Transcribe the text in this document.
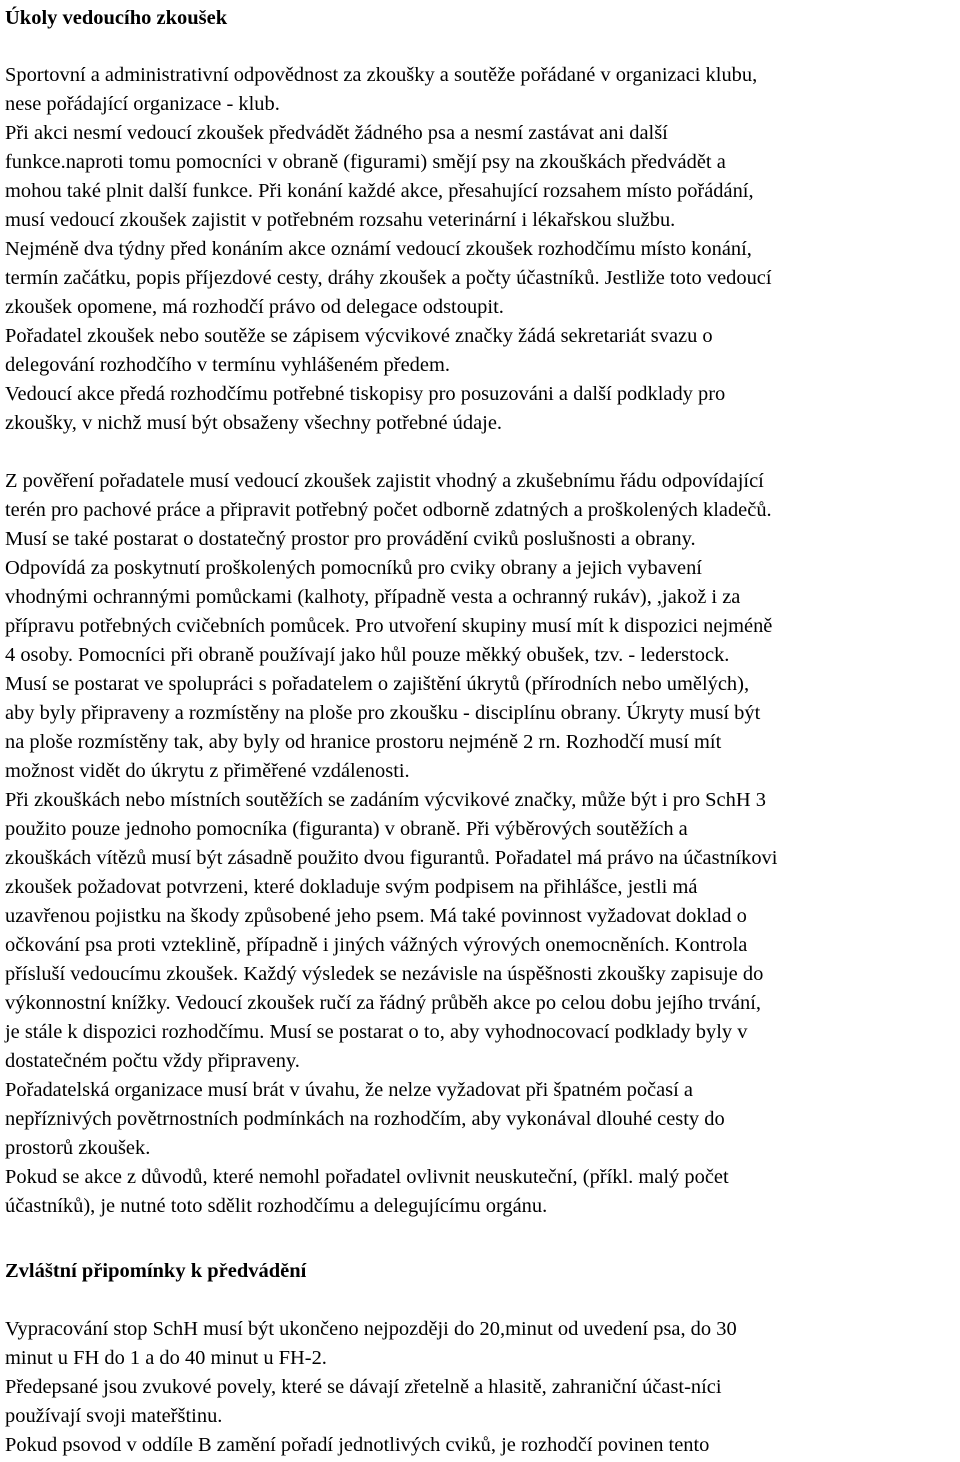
Úkoly vedoucího zkoušek

Sportovní a administrativní odpovědnost za zkoušky a soutěže pořádané v organizaci klubu,

nese pořádající organizace - klub.

Při akci nesmí vedoucí zkoušek předvádět žádného psa a nesmí zastávat ani další

funkce.naproti tomu pomocníci v obraně (figurami) smějí psy na zkouškách předvádět a

mohou také plnit další funkce. Při konání každé akce, přesahující rozsahem místo pořádání,

musí vedoucí zkoušek zajistit v potřebném rozsahu veterinární i lékařskou službu.

Nejméně dva týdny před konáním akce oznámí vedoucí zkoušek rozhodčímu místo konání,

termín začátku, popis příjezdové cesty, dráhy zkoušek a počty účastníků. Jestliže toto vedoucí

zkoušek opomene, má rozhodčí právo od delegace odstoupit.

Pořadatel zkoušek nebo soutěže se zápisem výcvikové značky žádá sekretariát svazu o

delegování rozhodčího v termínu vyhlášeném předem.

Vedoucí akce předá rozhodčímu potřebné tiskopisy pro posuzováni a další podklady pro

zkoušky, v nichž musí být obsaženy všechny potřebné údaje.

Z pověření pořadatele musí vedoucí zkoušek zajistit vhodný a zkušebnímu řádu odpovídající

terén pro pachové práce a připravit potřebný počet odborně zdatných a proškolených kladečů.

Musí se také postarat o dostatečný prostor pro provádění cviků poslušnosti a obrany.

Odpovídá za poskytnutí proškolených pomocníků pro cviky obrany a jejich vybavení

vhodnými ochrannými pomůckami (kalhoty, případně vesta a ochranný rukáv), ,jakož i za

přípravu potřebných cvičebních pomůcek. Pro utvoření skupiny musí mít k dispozici nejméně

4 osoby. Pomocníci při obraně používají jako hůl pouze měkký obušek, tzv. - lederstock.

Musí se postarat ve spolupráci s pořadatelem o zajištění úkrytů (přírodních nebo umělých),

aby byly připraveny a rozmístěny na ploše pro zkoušku - disciplínu obrany. Úkryty musí být

na ploše rozmístěny tak, aby byly od hranice prostoru nejméně 2 rn. Rozhodčí musí mít

možnost vidět do úkrytu z přiměřené vzdálenosti.

Při zkouškách nebo místních soutěžích se zadáním výcvikové značky, může být i pro SchH 3

použito pouze jednoho pomocníka (figuranta) v obraně. Při výběrových soutěžích a

zkouškách vítězů musí být zásadně použito dvou figurantů. Pořadatel má právo na účastníkovi

zkoušek požadovat potvrzeni, které dokladuje svým podpisem na přihlášce, jestli má

uzavřenou pojistku na škody způsobené jeho psem. Má také povinnost vyžadovat doklad o

očkování psa proti vzteklině, případně i jiných vážných výrových onemocněních. Kontrola

přísluší vedoucímu zkoušek. Každý výsledek se nezávisle na úspěšnosti zkoušky zapisuje do

výkonnostní knížky. Vedoucí zkoušek ručí za řádný průběh akce po celou dobu jejího trvání,

je stále k dispozici rozhodčímu. Musí se postarat o to, aby vyhodnocovací podklady byly v

dostatečném počtu vždy připraveny.

Pořadatelská organizace musí brát v úvahu, že nelze vyžadovat při špatném počasí a

nepříznivých povětrnostních podmínkách na rozhodčím, aby vykonával dlouhé cesty do

prostorů zkoušek.

Pokud se akce z důvodů, které nemohl pořadatel ovlivnit neuskuteční, (příkl. malý počet

účastníků), je nutné toto sdělit rozhodčímu a delegujícímu orgánu.

Zvláštní připomínky k předvádění

Vypracování stop SchH musí být ukončeno nejpozději do 20,minut od uvedení psa, do 30

minut u FH do 1 a do 40 minut u FH-2.

Předepsané jsou zvukové povely, které se dávají zřetelně a hlasitě, zahraniční účast-níci

používají svoji mateřštinu.

Pokud psovod v oddíle B zamění pořadí jednotlivých cviků, je rozhodčí povinen tento
